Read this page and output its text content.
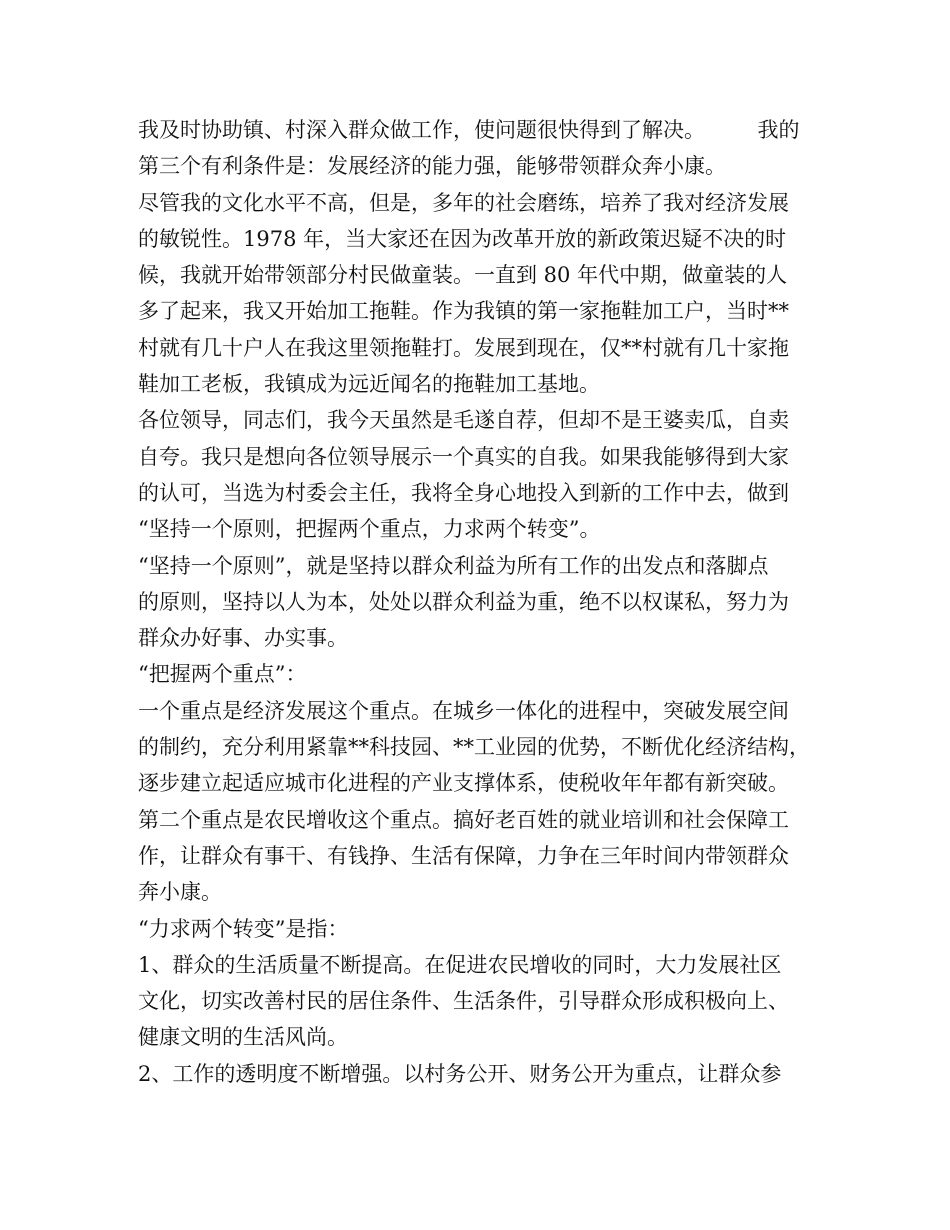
我及时协助镇、村深入群众做工作，使问题很快得到了解决。　　　我的
第三个有利条件是：发展经济的能力强，能够带领群众奔小康。
尽管我的文化水平不高，但是，多年的社会磨练，培养了我对经济发展
的敏锐性。1978 年，当大家还在因为改革开放的新政策迟疑不决的时
候，我就开始带领部分村民做童装。一直到 80 年代中期，做童装的人
多了起来，我又开始加工拖鞋。作为我镇的第一家拖鞋加工户，当时**
村就有几十户人在我这里领拖鞋打。发展到现在，仅**村就有几十家拖
鞋加工老板，我镇成为远近闻名的拖鞋加工基地。
各位领导，同志们，我今天虽然是毛遂自荐，但却不是王婆卖瓜，自卖
自夸。我只是想向各位领导展示一个真实的自我。如果我能够得到大家
的认可，当选为村委会主任，我将全身心地投入到新的工作中去，做到
“坚持一个原则，把握两个重点，力求两个转变”。
“坚持一个原则”，就是坚持以群众利益为所有工作的出发点和落脚点
的原则，坚持以人为本，处处以群众利益为重，绝不以权谋私，努力为
群众办好事、办实事。
“把握两个重点”：
一个重点是经济发展这个重点。在城乡一体化的进程中，突破发展空间
的制约，充分利用紧靠**科技园、**工业园的优势，不断优化经济结构，
逐步建立起适应城市化进程的产业支撑体系，使税收年年都有新突破。
第二个重点是农民增收这个重点。搞好老百姓的就业培训和社会保障工
作，让群众有事干、有钱挣、生活有保障，力争在三年时间内带领群众
奔小康。
“力求两个转变”是指：
1、群众的生活质量不断提高。在促进农民增收的同时，大力发展社区
文化，切实改善村民的居住条件、生活条件，引导群众形成积极向上、
健康文明的生活风尚。
2、工作的透明度不断增强。以村务公开、财务公开为重点，让群众参
